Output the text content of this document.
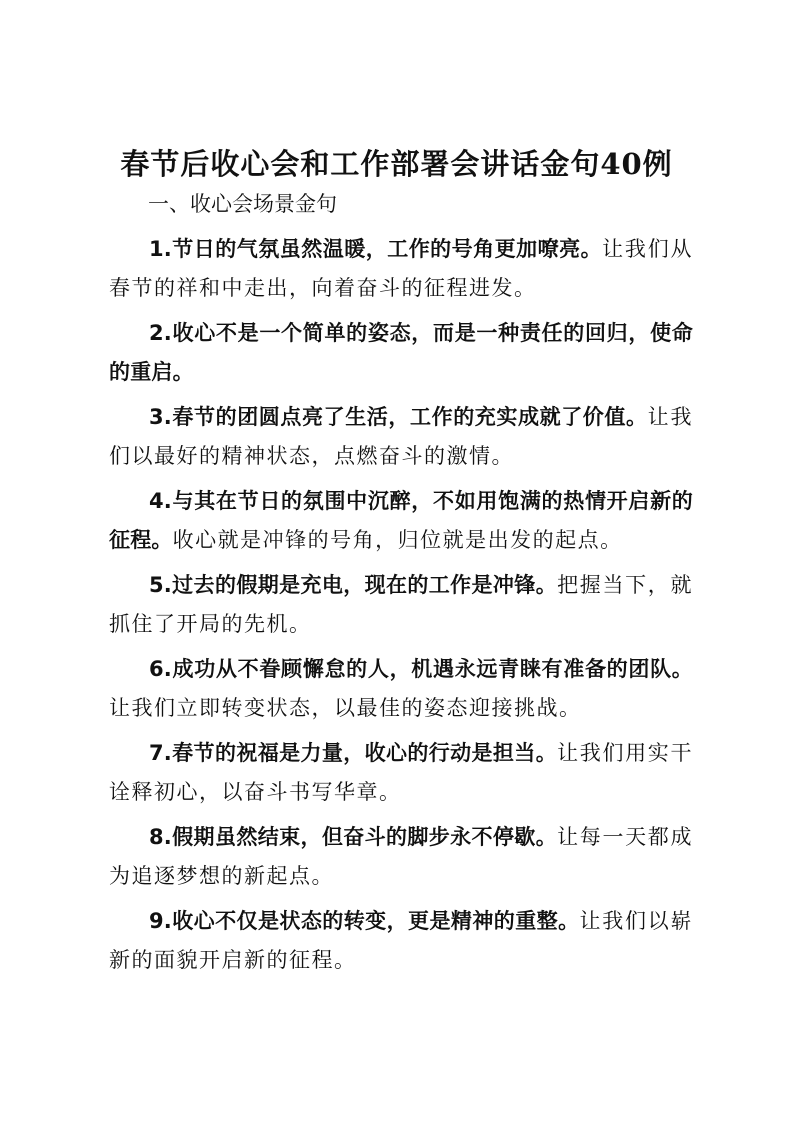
春节后收心会和工作部署会讲话金句40例
一、收心会场景金句

1.节日的气氛虽然温暖，工作的号角更加嘹亮。让我们从春节的祥和中走出，向着奋斗的征程进发。

2.收心不是一个简单的姿态，而是一种责任的回归，使命的重启。

3.春节的团圆点亮了生活，工作的充实成就了价值。让我们以最好的精神状态，点燃奋斗的激情。

4.与其在节日的氛围中沉醉，不如用饱满的热情开启新的征程。收心就是冲锋的号角，归位就是出发的起点。

5.过去的假期是充电，现在的工作是冲锋。把握当下，就抓住了开局的先机。

6.成功从不眷顾懈怠的人，机遇永远青睐有准备的团队。让我们立即转变状态，以最佳的姿态迎接挑战。

7.春节的祝福是力量，收心的行动是担当。让我们用实干诠释初心，以奋斗书写华章。

8.假期虽然结束，但奋斗的脚步永不停歇。让每一天都成为追逐梦想的新起点。

9.收心不仅是状态的转变，更是精神的重整。让我们以崭新的面貌开启新的征程。
